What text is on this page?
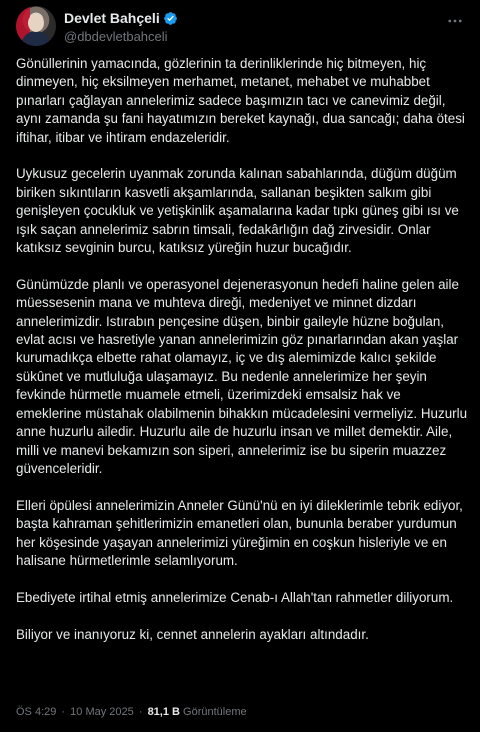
Devlet Bahçeli
@dbdevletbahceli

Gönüllerinin yamacında, gözlerinin ta derinliklerinde hiç bitmeyen, hiç dinmeyen, hiç eksilmeyen merhamet, metanet, mehabet ve muhabbet pınarları çağlayan annelerimiz sadece başımızın tacı ve canevimiz değil, aynı zamanda şu fani hayatımızın bereket kaynağı, dua sancağı; daha ötesi iftihar, itibar ve ihtiram endazeleridir.

Uykusuz gecelerin uyanmak zorunda kalınan sabahlarında, düğüm düğüm biriken sıkıntıların kasvetli akşamlarında, sallanan beşikten salkım gibi genişleyen çocukluk ve yetişkinlik aşamalarına kadar tıpkı güneş gibi ısı ve ışık saçan annelerimiz sabrın timsali, fedakârlığın dağ zirvesidir. Onlar katıksız sevginin burcu, katıksız yüreğin huzur bucağıdır.

Günümüzde planlı ve operasyonel dejenerasyonun hedefi haline gelen aile müessesenin mana ve muhteva direği, medeniyet ve minnet dizdarı annelerimizdir. Istırabın pençesine düşen, binbir gaileyle hüzne boğulan, evlat acısı ve hasretiyle yanan annelerimizin göz pınarlarından akan yaşlar kurumadıkça elbette rahat olamayız, iç ve dış alemimizde kalıcı şekilde sükûnet ve mutluluğa ulaşamayız. Bu nedenle annelerimize her şeyin fevkinde hürmetle muamele etmeli, üzerimizdeki emsalsiz hak ve emeklerine müstahak olabilmenin bihakkın mücadelesini vermeliyiz. Huzurlu anne huzurlu ailedir. Huzurlu aile de huzurlu insan ve millet demektir. Aile, milli ve manevi bekamızın son siperi, annelerimiz ise bu siperin muazzez güvenceleridir.

Elleri öpülesi annelerimizin Anneler Günü'nü en iyi dileklerimle tebrik ediyor, başta kahraman şehitlerimizin emanetleri olan, bununla beraber yurdumun her köşesinde yaşayan annelerimizi yüreğimin en coşkun hisleriyle ve en halisane hürmetlerimle selamlıyorum.

Ebediyete irtihal etmiş annelerimize Cenab-ı Allah'tan rahmetler diliyorum.

Biliyor ve inanıyoruz ki, cennet annelerin ayakları altındadır.

ÖS 4:29 · 10 May 2025 · 81,1 B Görüntüleme
